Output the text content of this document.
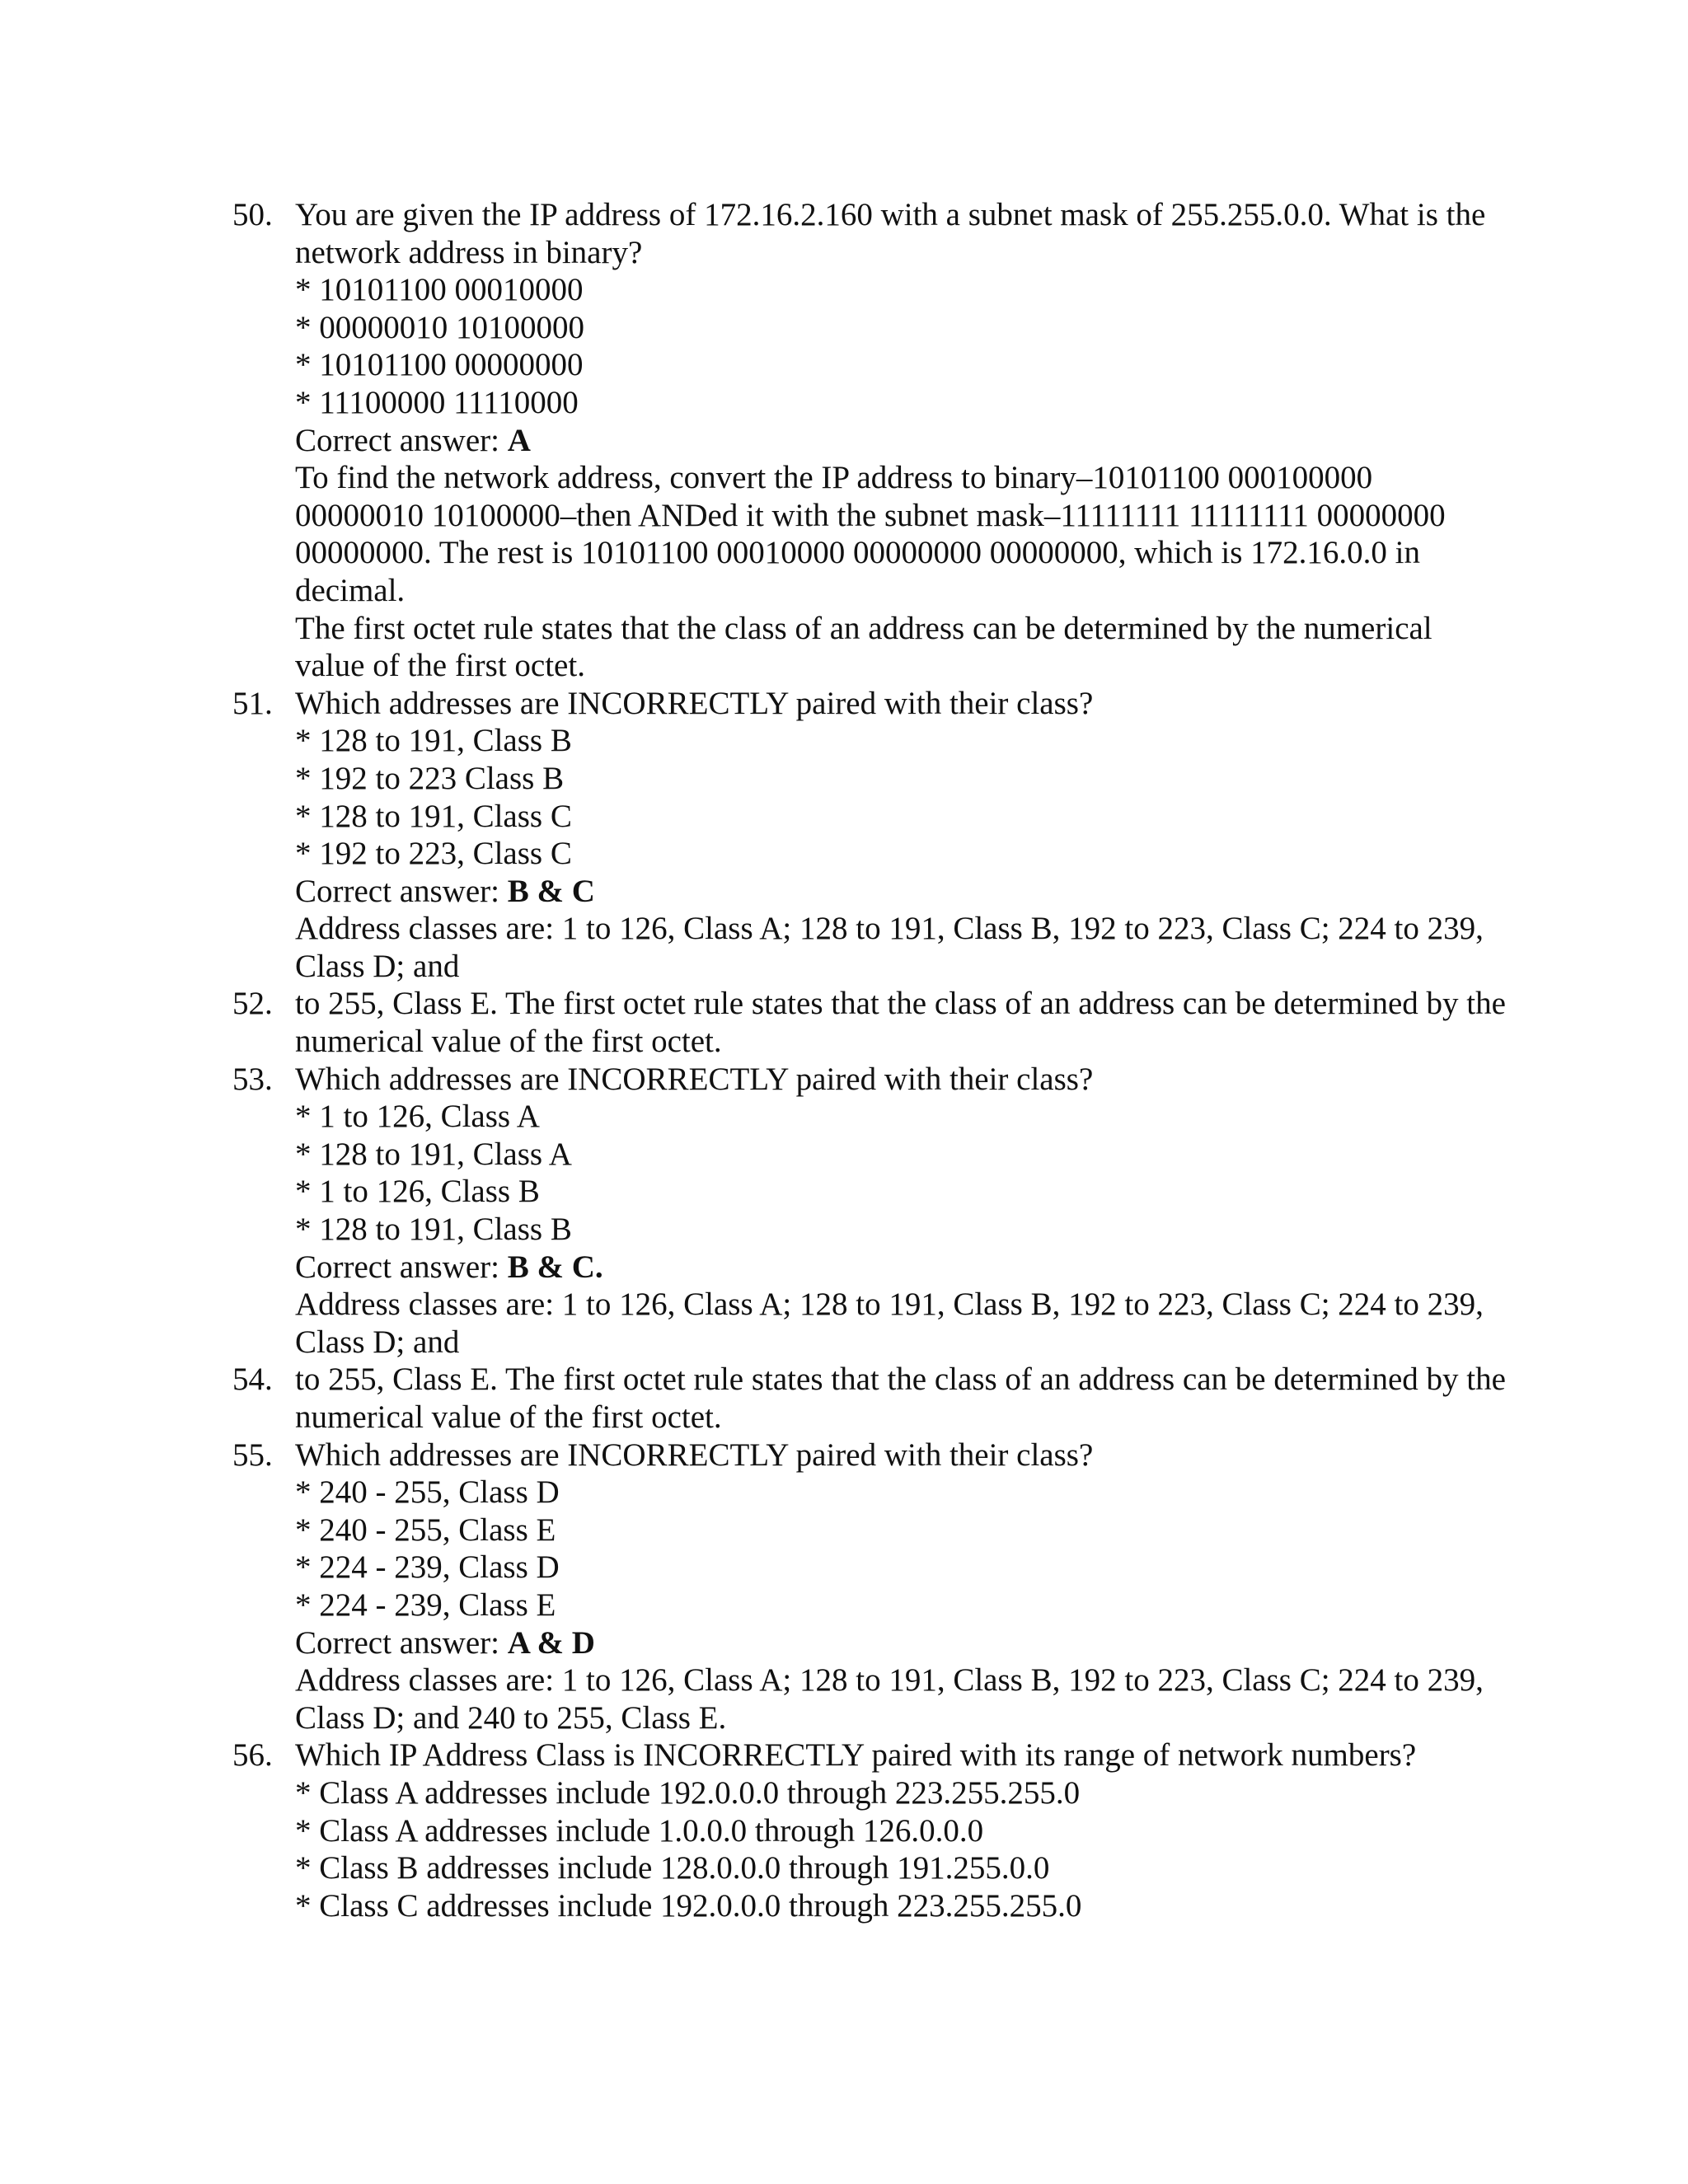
50. You are given the IP address of 172.16.2.160 with a subnet mask of 255.255.0.0. What is the network address in binary?
* 10101100 00010000
* 00000010 10100000
* 10101100 00000000
* 11100000 11110000
Correct answer: A
To find the network address, convert the IP address to binary–10101100 000100000 00000010 10100000–then ANDed it with the subnet mask–11111111 11111111 00000000 00000000. The rest is 10101100 00010000 00000000 00000000, which is 172.16.0.0 in decimal.
The first octet rule states that the class of an address can be determined by the numerical value of the first octet.
51. Which addresses are INCORRECTLY paired with their class?
* 128 to 191, Class B
* 192 to 223 Class B
* 128 to 191, Class C
* 192 to 223, Class C
Correct answer: B & C
Address classes are: 1 to 126, Class A; 128 to 191, Class B, 192 to 223, Class C; 224 to 239, Class D; and
52. to 255, Class E. The first octet rule states that the class of an address can be determined by the numerical value of the first octet.
53. Which addresses are INCORRECTLY paired with their class?
* 1 to 126, Class A
* 128 to 191, Class A
* 1 to 126, Class B
* 128 to 191, Class B
Correct answer: B & C.
Address classes are: 1 to 126, Class A; 128 to 191, Class B, 192 to 223, Class C; 224 to 239, Class D; and
54. to 255, Class E. The first octet rule states that the class of an address can be determined by the numerical value of the first octet.
55. Which addresses are INCORRECTLY paired with their class?
* 240 - 255, Class D
* 240 - 255, Class E
* 224 - 239, Class D
* 224 - 239, Class E
Correct answer: A & D
Address classes are: 1 to 126, Class A; 128 to 191, Class B, 192 to 223, Class C; 224 to 239, Class D; and 240 to 255, Class E.
56. Which IP Address Class is INCORRECTLY paired with its range of network numbers?
* Class A addresses include 192.0.0.0 through 223.255.255.0
* Class A addresses include 1.0.0.0 through 126.0.0.0
* Class B addresses include 128.0.0.0 through 191.255.0.0
* Class C addresses include 192.0.0.0 through 223.255.255.0
